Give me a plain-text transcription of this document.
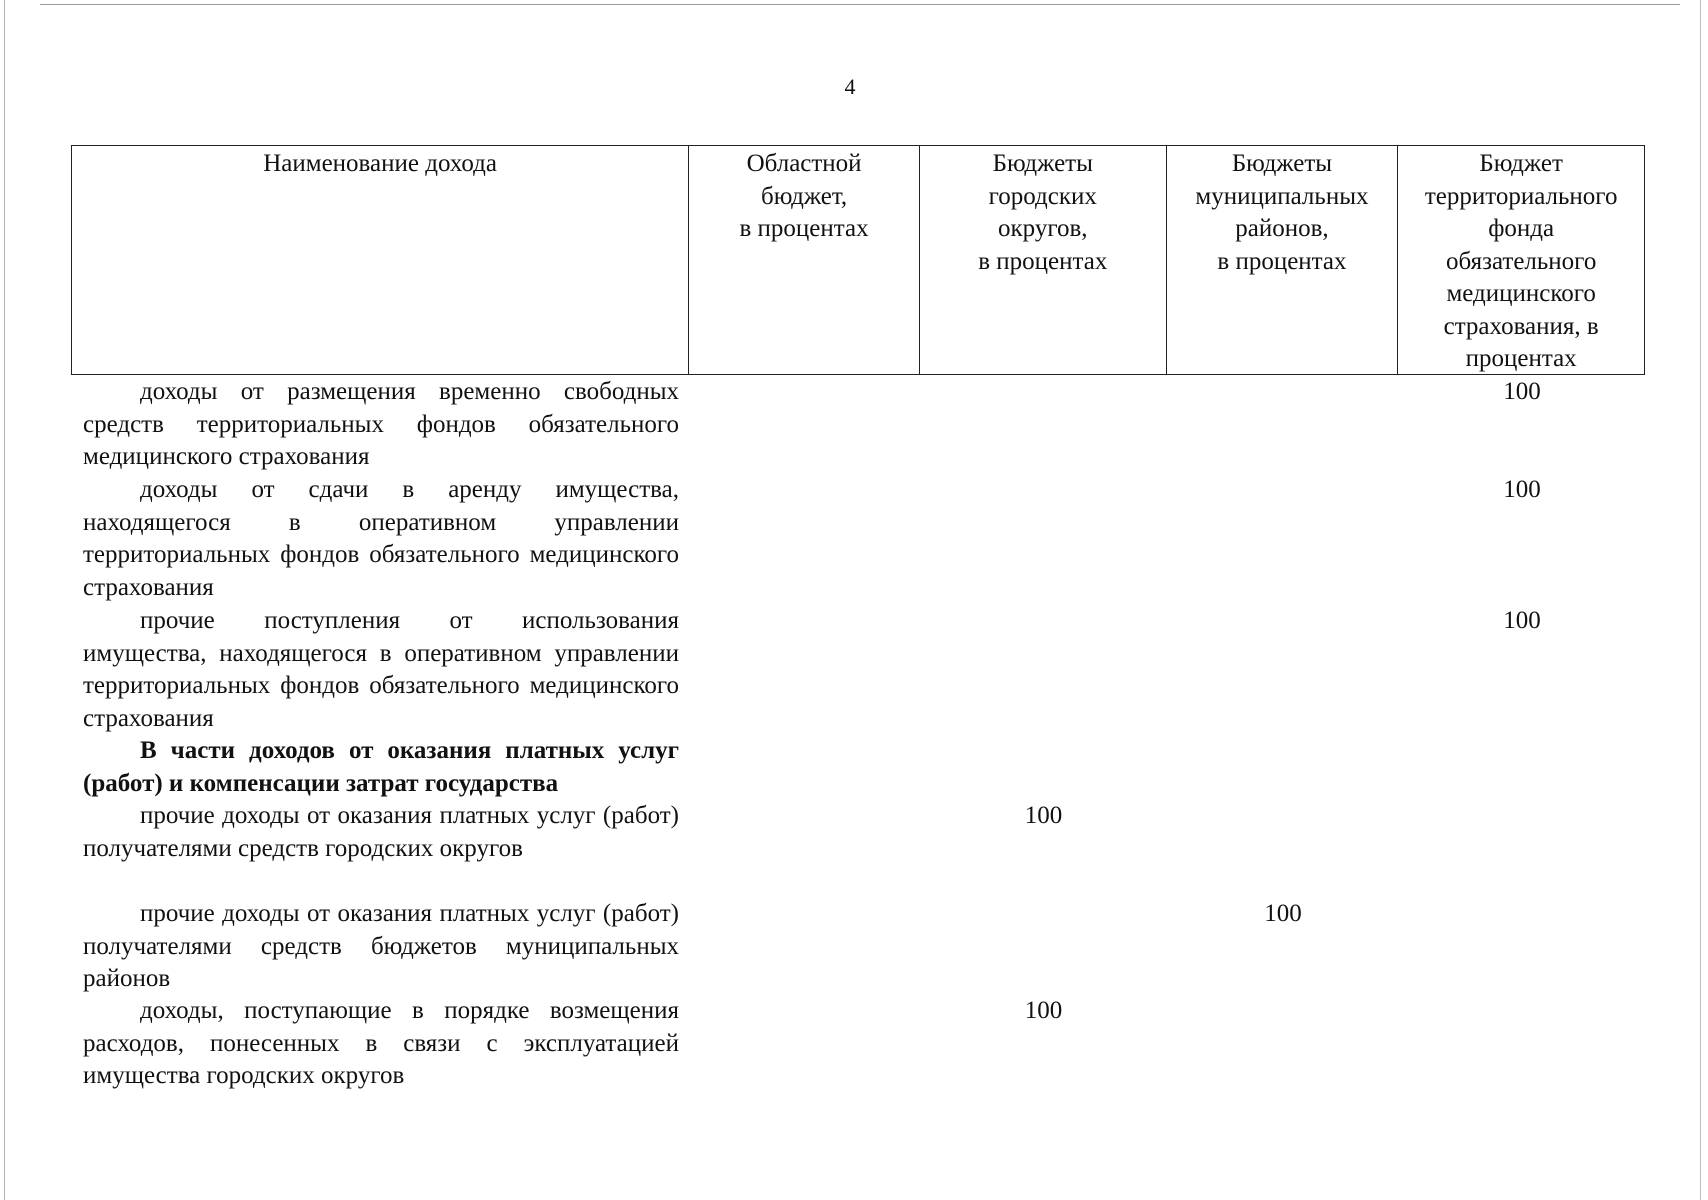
4
Наименование дохода	Областной
бюджет,
в процентах
Бюджеты
городских
округов,
в процентах
Бюджеты
муниципальных
районов,
в процентах
Бюджет
территориального
фонда
обязательного
медицинского
страхования, в
процентах
доходы от размещения временно свободных средств территориальных фондов обязательного медицинского страхования
100
доходы от сдачи в аренду имущества, находящегося в оперативном управлении территориальных фондов обязательного медицинского страхования
100
прочие поступления от использования имущества, находящегося в оперативном управлении территориальных фондов обязательного медицинского страхования
100
В части доходов от оказания платных услуг (работ) и компенсации затрат государства
прочие доходы от оказания платных услуг (работ) получателями средств городских округов
100
прочие доходы от оказания платных услуг (работ) получателями средств бюджетов муниципальных районов
100
доходы, поступающие в порядке возмещения расходов, понесенных в связи с эксплуатацией имущества городских округов
100
